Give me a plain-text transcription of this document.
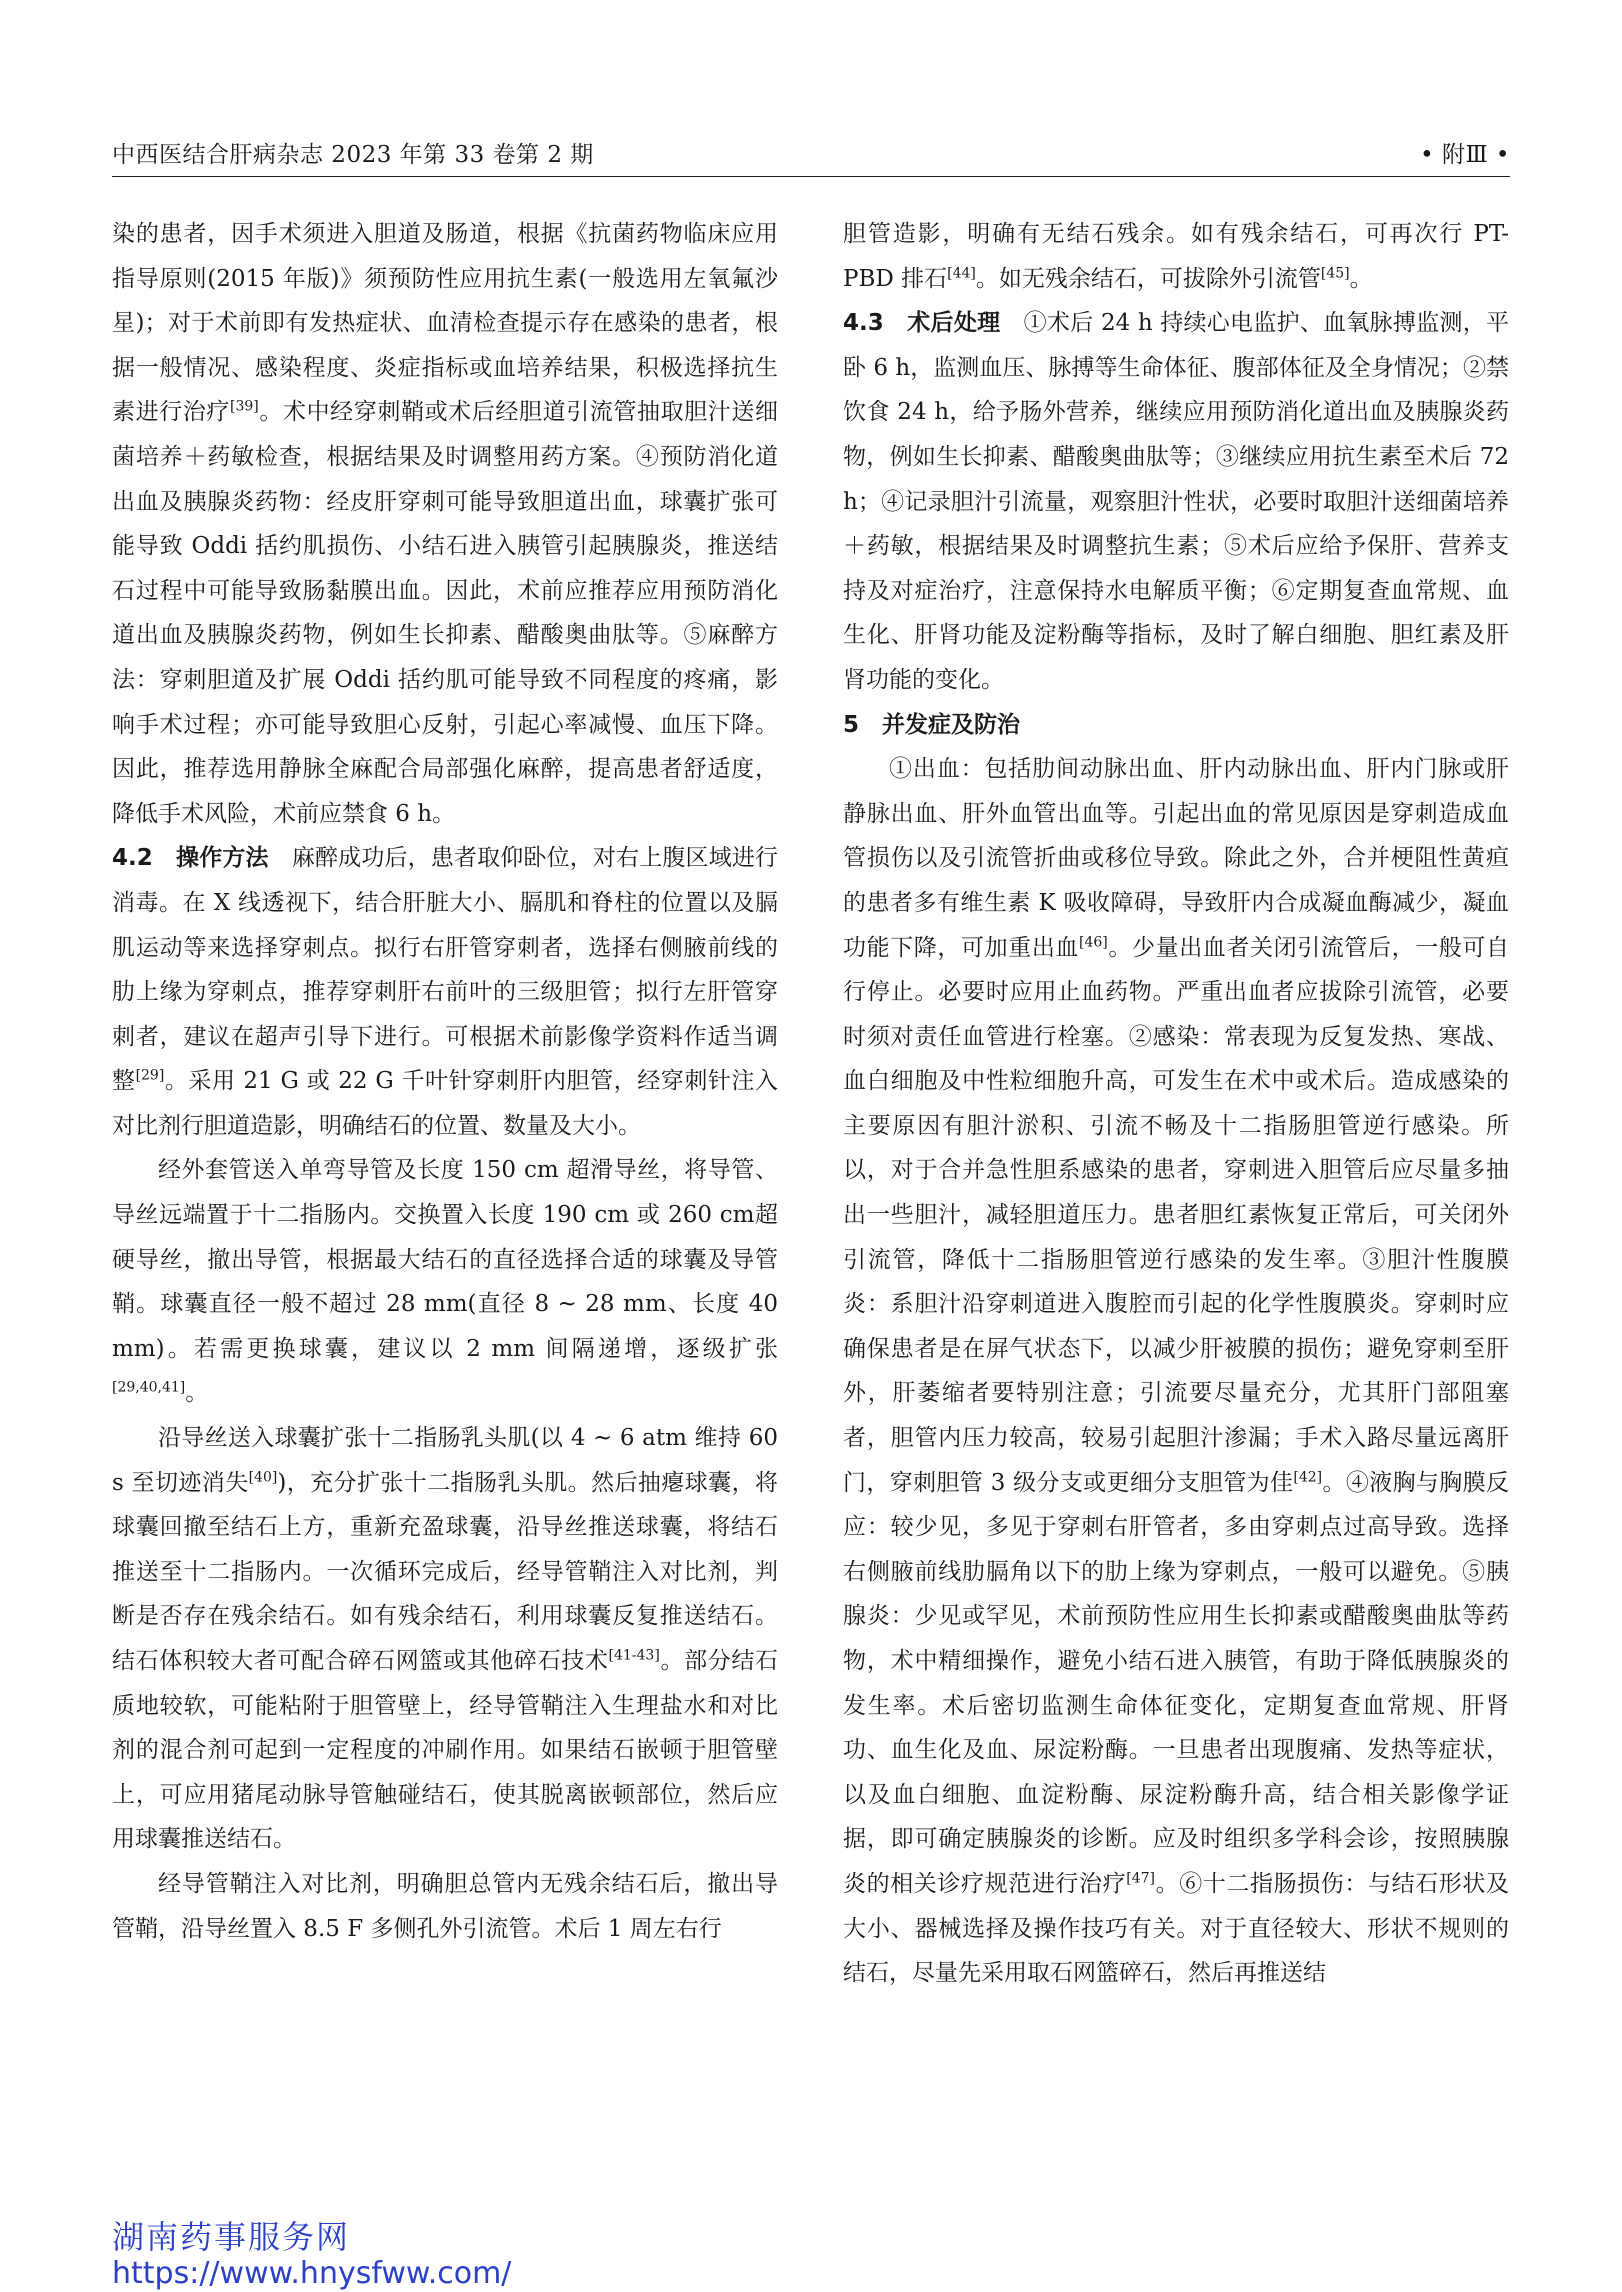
中西医结合肝病杂志 2023 年第 33 卷第 2 期	• 附Ⅲ •

染的患者，因手术须进入胆道及肠道，根据《抗菌药物临床应用指导原则(2015 年版)》须预防性应用抗生素(一般选用左氧氟沙星)；对于术前即有发热症状、血清检查提示存在感染的患者，根据一般情况、感染程度、炎症指标或血培养结果，积极选择抗生素进行治疗[39]。术中经穿刺鞘或术后经胆道引流管抽取胆汁送细菌培养＋药敏检查，根据结果及时调整用药方案。④预防消化道出血及胰腺炎药物：经皮肝穿刺可能导致胆道出血，球囊扩张可能导致 Oddi 括约肌损伤、小结石进入胰管引起胰腺炎，推送结石过程中可能导致肠黏膜出血。因此，术前应推荐应用预防消化道出血及胰腺炎药物，例如生长抑素、醋酸奥曲肽等。⑤麻醉方法：穿刺胆道及扩展 Oddi 括约肌可能导致不同程度的疼痛，影响手术过程；亦可能导致胆心反射，引起心率减慢、血压下降。因此，推荐选用静脉全麻配合局部强化麻醉，提高患者舒适度，降低手术风险，术前应禁食 6 h。

4.2　操作方法　麻醉成功后，患者取仰卧位，对右上腹区域进行消毒。在 X 线透视下，结合肝脏大小、膈肌和脊柱的位置以及膈肌运动等来选择穿刺点。拟行右肝管穿刺者，选择右侧腋前线的肋上缘为穿刺点，推荐穿刺肝右前叶的三级胆管；拟行左肝管穿刺者，建议在超声引导下进行。可根据术前影像学资料作适当调整[29]。采用 21 G 或 22 G 千叶针穿刺肝内胆管，经穿刺针注入对比剂行胆道造影，明确结石的位置、数量及大小。

经外套管送入单弯导管及长度 150 cm 超滑导丝，将导管、导丝远端置于十二指肠内。交换置入长度 190 cm 或 260 cm超硬导丝，撤出导管，根据最大结石的直径选择合适的球囊及导管鞘。球囊直径一般不超过 28 mm(直径 8 ~ 28 mm、长度 40 mm)。若需更换球囊，建议以 2 mm 间隔递增，逐级扩张[29,40,41]。

沿导丝送入球囊扩张十二指肠乳头肌(以 4 ~ 6 atm 维持 60 s 至切迹消失[40])，充分扩张十二指肠乳头肌。然后抽瘪球囊，将球囊回撤至结石上方，重新充盈球囊，沿导丝推送球囊，将结石推送至十二指肠内。一次循环完成后，经导管鞘注入对比剂，判断是否存在残余结石。如有残余结石，利用球囊反复推送结石。结石体积较大者可配合碎石网篮或其他碎石技术[41-43]。部分结石质地较软，可能粘附于胆管壁上，经导管鞘注入生理盐水和对比剂的混合剂可起到一定程度的冲刷作用。如果结石嵌顿于胆管壁上，可应用猪尾动脉导管触碰结石，使其脱离嵌顿部位，然后应用球囊推送结石。

经导管鞘注入对比剂，明确胆总管内无残余结石后，撤出导管鞘，沿导丝置入 8.5 F 多侧孔外引流管。术后 1 周左右行

胆管造影，明确有无结石残余。如有残余结石，可再次行 PT-PBD 排石[44]。如无残余结石，可拔除外引流管[45]。

4.3　术后处理　①术后 24 h 持续心电监护、血氧脉搏监测，平卧 6 h，监测血压、脉搏等生命体征、腹部体征及全身情况；②禁饮食 24 h，给予肠外营养，继续应用预防消化道出血及胰腺炎药物，例如生长抑素、醋酸奥曲肽等；③继续应用抗生素至术后 72 h；④记录胆汁引流量，观察胆汁性状，必要时取胆汁送细菌培养＋药敏，根据结果及时调整抗生素；⑤术后应给予保肝、营养支持及对症治疗，注意保持水电解质平衡；⑥定期复查血常规、血生化、肝肾功能及淀粉酶等指标，及时了解白细胞、胆红素及肝肾功能的变化。

5　并发症及防治

①出血：包括肋间动脉出血、肝内动脉出血、肝内门脉或肝静脉出血、肝外血管出血等。引起出血的常见原因是穿刺造成血管损伤以及引流管折曲或移位导致。除此之外，合并梗阻性黄疸的患者多有维生素 K 吸收障碍，导致肝内合成凝血酶减少，凝血功能下降，可加重出血[46]。少量出血者关闭引流管后，一般可自行停止。必要时应用止血药物。严重出血者应拔除引流管，必要时须对责任血管进行栓塞。②感染：常表现为反复发热、寒战、血白细胞及中性粒细胞升高，可发生在术中或术后。造成感染的主要原因有胆汁淤积、引流不畅及十二指肠胆管逆行感染。所以，对于合并急性胆系感染的患者，穿刺进入胆管后应尽量多抽出一些胆汁，减轻胆道压力。患者胆红素恢复正常后，可关闭外引流管，降低十二指肠胆管逆行感染的发生率。③胆汁性腹膜炎：系胆汁沿穿刺道进入腹腔而引起的化学性腹膜炎。穿刺时应确保患者是在屏气状态下，以减少肝被膜的损伤；避免穿刺至肝外，肝萎缩者要特别注意；引流要尽量充分，尤其肝门部阻塞者，胆管内压力较高，较易引起胆汁渗漏；手术入路尽量远离肝门，穿刺胆管 3 级分支或更细分支胆管为佳[42]。④液胸与胸膜反应：较少见，多见于穿刺右肝管者，多由穿刺点过高导致。选择右侧腋前线肋膈角以下的肋上缘为穿刺点，一般可以避免。⑤胰腺炎：少见或罕见，术前预防性应用生长抑素或醋酸奥曲肽等药物，术中精细操作，避免小结石进入胰管，有助于降低胰腺炎的发生率。术后密切监测生命体征变化，定期复查血常规、肝肾功、血生化及血、尿淀粉酶。一旦患者出现腹痛、发热等症状，以及血白细胞、血淀粉酶、尿淀粉酶升高，结合相关影像学证据，即可确定胰腺炎的诊断。应及时组织多学科会诊，按照胰腺炎的相关诊疗规范进行治疗[47]。⑥十二指肠损伤：与结石形状及大小、器械选择及操作技巧有关。对于直径较大、形状不规则的结石，尽量先采用取石网篮碎石，然后再推送结

湖南药事服务网
https://www.hnysfww.com/
